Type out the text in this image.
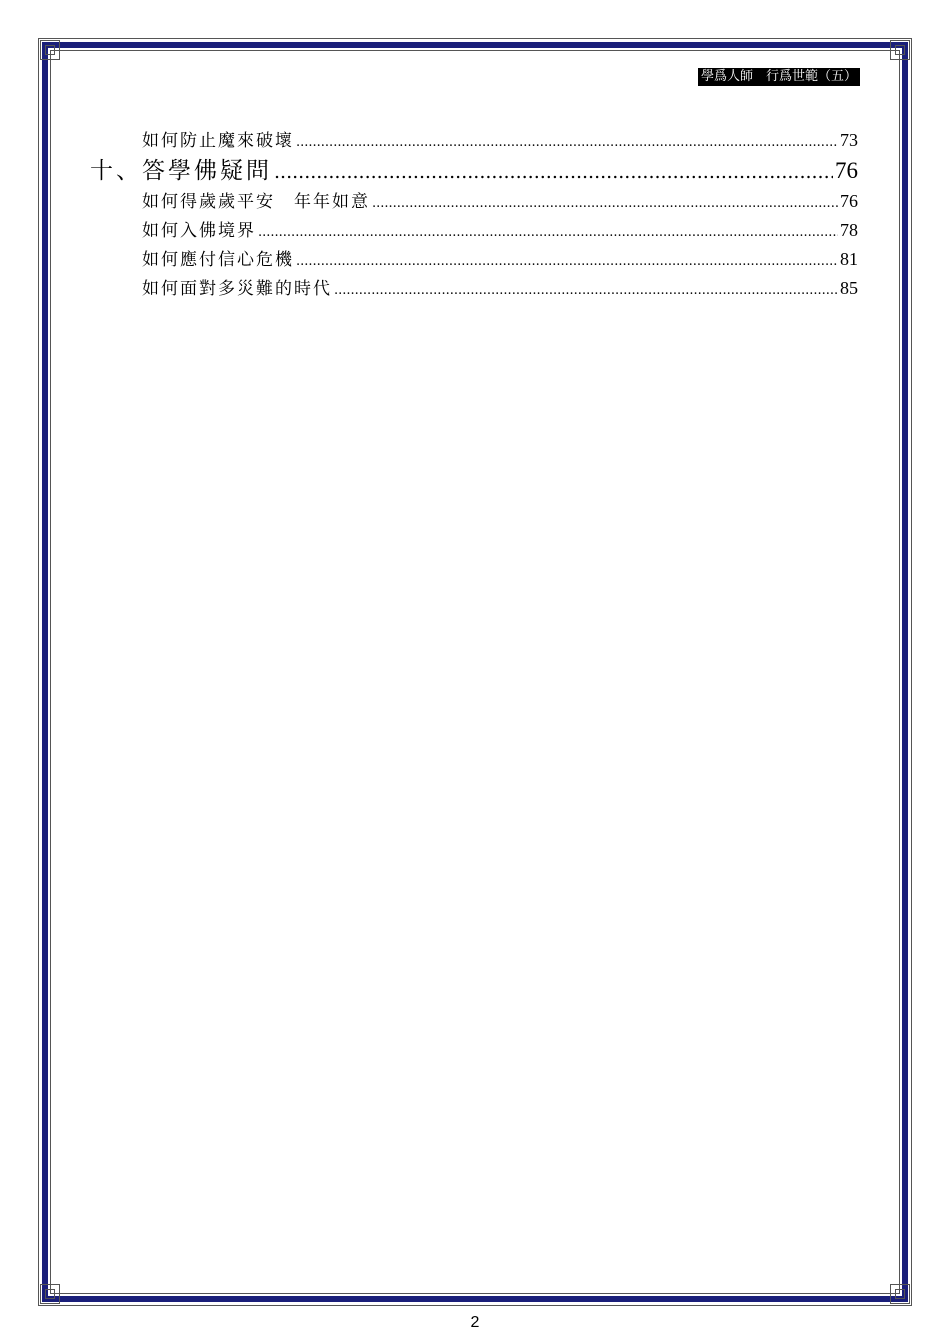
學爲人師　行爲世範（五）
如何防止魔來破壞 .....	73
十、答學佛疑問 .....	76
如何得歲歲平安　年年如意 .....	76
如何入佛境界 .....	78
如何應付信心危機 .....	81
如何面對多災難的時代 .....	85
2
